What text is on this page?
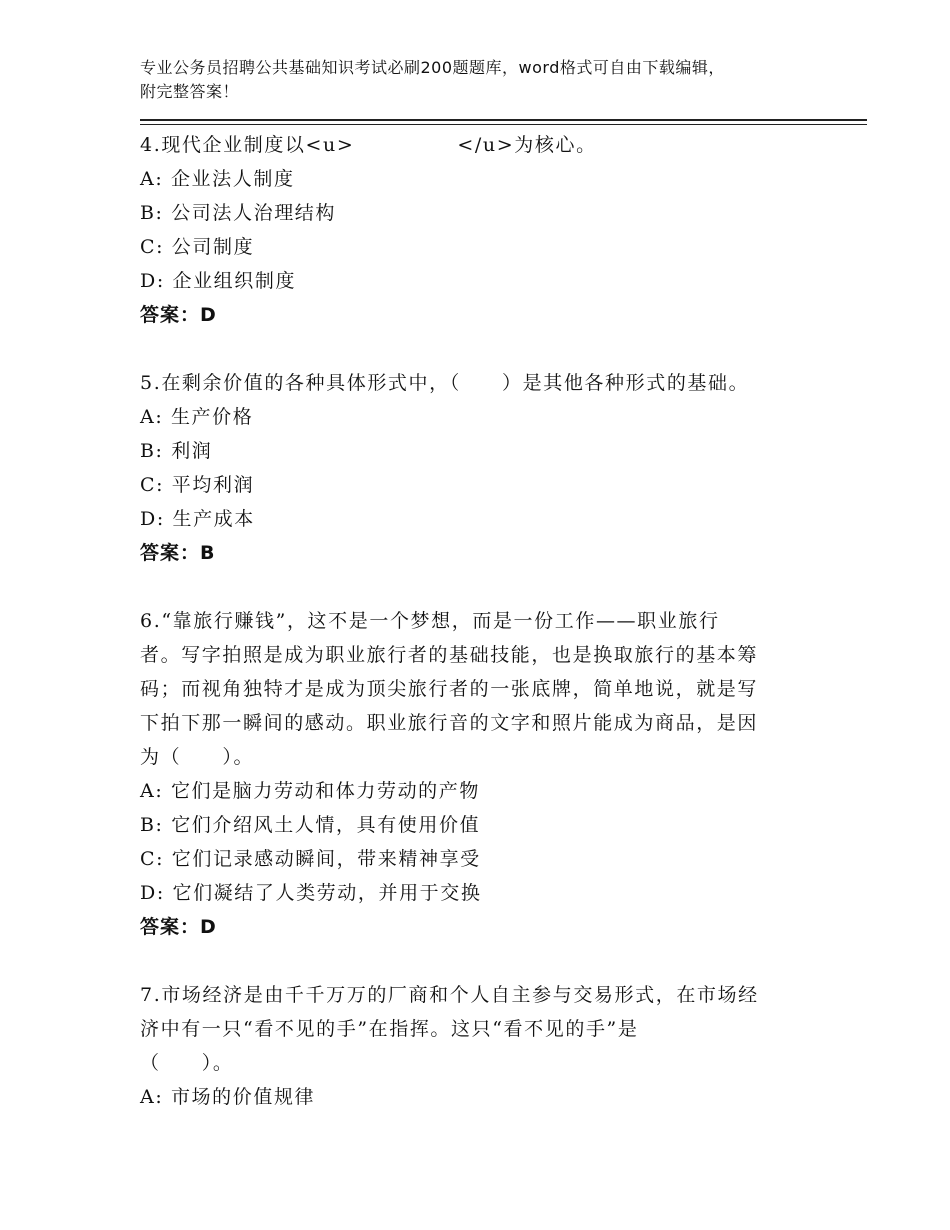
专业公务员招聘公共基础知识考试必刷200题题库，word格式可自由下载编辑，
附完整答案！
4.现代企业制度以<u>　　　　　</u>为核心。
A: 企业法人制度
B: 公司法人治理结构
C: 公司制度
D: 企业组织制度
答案：D
5.在剩余价值的各种具体形式中，（　　）是其他各种形式的基础。
A: 生产价格
B: 利润
C: 平均利润
D: 生产成本
答案：B
6.“靠旅行赚钱”，这不是一个梦想，而是一份工作——职业旅行
者。写字拍照是成为职业旅行者的基础技能，也是换取旅行的基本筹
码；而视角独特才是成为顶尖旅行者的一张底牌，简单地说，就是写
下拍下那一瞬间的感动。职业旅行音的文字和照片能成为商品，是因
为（　　）。
A: 它们是脑力劳动和体力劳动的产物
B: 它们介绍风土人情，具有使用价值
C: 它们记录感动瞬间，带来精神享受
D: 它们凝结了人类劳动，并用于交换
答案：D
7.市场经济是由千千万万的厂商和个人自主参与交易形式，在市场经
济中有一只“看不见的手”在指挥。这只“看不见的手”是
（　　）。
A: 市场的价值规律
